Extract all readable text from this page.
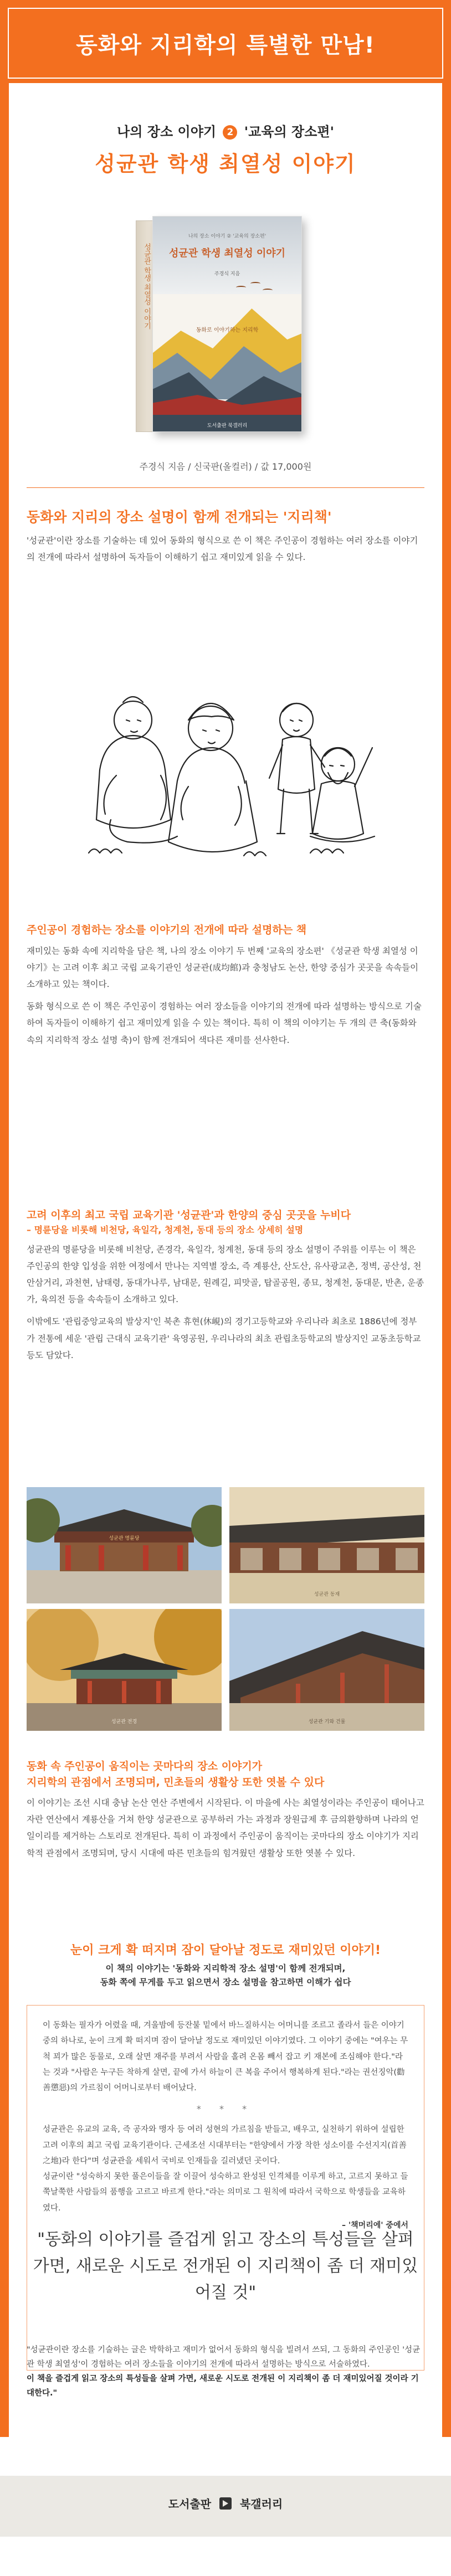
동화와 지리학의 특별한 만남!
나의 장소 이야기 2 '교육의 장소편'
성균관 학생 최열성 이야기
성균관 학생 최열성 이야기
나의 장소 이야기 ② '교육의 장소편'
성균관 학생 최열성 이야기
주경식 지음
동화로 이야기하는 지리학
도서출판 북갤러리
주경식 지음 / 신국판(올컬러) / 값 17,000원
동화와 지리의 장소 설명이 함께 전개되는 '지리책'
'성균관'이란 장소를 기술하는 데 있어 동화의 형식으로 쓴 이 책은 주인공이 경험하는 여러 장소를 이야기의 전개에 따라서 설명하여 독자들이 이해하기 쉽고 재미있게 읽을 수 있다.
주인공이 경험하는 장소를 이야기의 전개에 따라 설명하는 책
재미있는 동화 속에 지리학을 담은 책, 나의 장소 이야기 두 번째 '교육의 장소편' 《성균관 학생 최열성 이야기》는 고려 이후 최고 국립 교육기관인 성균관(成均館)과 충청남도 논산, 한양 중심가 곳곳을 속속들이 소개하고 있는 책이다.
동화 형식으로 쓴 이 책은 주인공이 경험하는 여러 장소들을 이야기의 전개에 따라 설명하는 방식으로 기술하여 독자들이 이해하기 쉽고 재미있게 읽을 수 있는 책이다. 특히 이 책의 이야기는 두 개의 큰 축(동화와 속의 지리학적 장소 설명 축)이 함께 전개되어 색다른 재미를 선사한다.
고려 이후의 최고 국립 교육기관 '성균관'과 한양의 중심 곳곳을 누비다
– 명륜당을 비롯해 비천당, 육일각, 청계천, 동대 등의 장소 상세히 설명
성균관의 명륜당을 비롯해 비천당, 존경각, 육일각, 청계천, 동대 등의 장소 설명이 주위를 이루는 이 책은 주인공의 한양 입성을 위한 여정에서 만나는 지역별 장소, 즉 계룡산, 산도산, 유사광교촌, 정벽, 공산성, 천안삼거리, 과천현, 남태령, 동대가나루, 남대문, 원례길, 피맛골, 탑골공원, 종묘, 청계천, 동대문, 반촌, 운종가, 육의전 등을 속속들이 소개하고 있다.
이밖에도 '관립중앙교육의 발상지'인 북촌 휴현(休峴)의 경기고등학교와 우리나라 최초로 1886년에 정부가 전통에 세운 '관립 근대식 교육기관' 육영공원, 우리나라의 최초 관립초등학교의 발상지인 교동초등학교 등도 담았다.
성균관 명륜당
성균관 동재
성균관 전경	성균관 기와 건물
동화 속 주인공이 움직이는 곳마다의 장소 이야기가
지리학의 관점에서 조명되며, 민초들의 생활상 또한 엿볼 수 있다
이 이야기는 조선 시대 충남 논산 연산 주변에서 시작된다. 이 마을에 사는 최열성이라는 주인공이 태어나고 자란 연산에서 계룡산을 거쳐 한양 성균관으로 공부하러 가는 과정과 장원급제 후 금의환향하며 나라의 얻 일이리를 제거하는 스토리로 전개된다. 특히 이 과정에서 주인공이 움직이는 곳마다의 장소 이야기가 지리학적 관점에서 조명되며, 당시 시대에 따른 민초들의 힘겨웠던 생활상 또한 엿볼 수 있다.
눈이 크게 확 떠지며 잠이 달아날 정도로 재미있던 이야기!
이 책의 이야기는 '동화와 지리학적 장소 설명'이 함께 전개되며,
동화 쪽에 무게를 두고 읽으면서 장소 설명을 참고하면 이해가 쉽다
이 동화는 필자가 어렸을 때, 겨울밤에 등잔불 밑에서 바느질하시는 어머니를 조르고 졸라서 들은 이야기 중의 하나로, 눈이 크게 확 떠지며 잠이 달아날 정도로 재미있던 이야기였다. 그 이야기 중에는 "여우는 무척 꾀가 많은 동물로, 오래 살면 재주를 부려서 사람을 홀려 온몸 빼서 잡고 키 재본에 조심해야 한다."라는 것과 "사람은 누구든 착하게 살면, 끝에 가서 하늘이 큰 복을 주어서 행복하게 된다."라는 권선징악(勸善懲惡)의 가르침이 어머니로부터 배어났다.
* * *
성균관은 유교의 교육, 즉 공자와 맹자 등 여러 성현의 가르침을 받들고, 배우고, 실천하기 위하여 설립한 고려 이후의 최고 국립 교육기관이다. 근세조선 시대부터는 "한양에서 가장 착한 성소이를 수선지지(首善之地)라 한다"며 성균관을 세워서 국비로 인재들을 길러냈던 곳이다.
성균이란 "성숙하지 못한 풀은이들을 잘 이끌어 성숙하고 완성된 인격체를 이루게 하고, 고르지 못하고 들쭉날쭉한 사람들의 품행을 고르고 바르게 한다."라는 의미로 그 원칙에 따라서 국학으로 학생들을 교육하였다.
– '책머리에' 중에서
"동화의 이야기를 즐겁게 읽고 장소의 특성들을 살펴 가면, 새로운 시도로 전개된 이 지리책이 좀 더 재미있어질 것"
"성균관이란 장소를 기술하는 글은 박학하고 재미가 없어서 동화의 형식을 빌려서 쓰되, 그 동화의 주인공인 '성균관 학생 최열성'이 경험하는 여러 장소들을 이야기의 전개에 따라서 설명하는 방식으로 서술하였다.
이 책을 즐겁게 읽고 장소의 특성들을 살펴 가면, 새로운 시도로 전개된 이 지리책이 좀 더 재미있어질 것이라 기대한다."
도서출판	북갤러리
